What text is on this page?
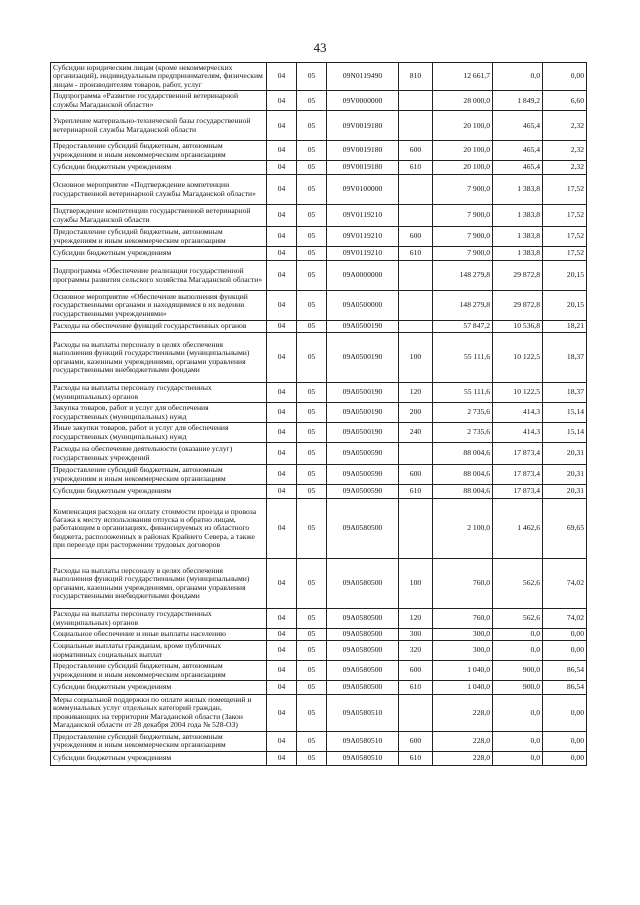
43
Субсидии юридическим лицам (кроме некоммерческих организаций), индивидуальным предпринимателям, физическим лицам - производителям товаров, работ, услуг	04	05	09N0119490	810	12 661,7	0,0	0,00
Подпрограмма «Развитие государственной ветеринарной службы Магаданской области»	04	05	09V0000000		28 000,0	1 849,2	6,60
Укрепление материально-технической базы государственной ветеринарной службы Магаданской области	04	05	09V0019180		20 100,0	465,4	2,32
Предоставление субсидий бюджетным, автономным учреждениям и иным некоммерческим организациям	04	05	09V0019180	600	20 100,0	465,4	2,32
Субсидии бюджетным учреждениям	04	05	09V0019180	610	20 100,0	465,4	2,32
Основное мероприятие «Подтверждение компетенции государственной ветеринарной службы Магаданской области»	04	05	09V0100000		7 900,0	1 383,8	17,52
Подтверждение компетенции государственной ветеринарной службы Магаданской области	04	05	09V0119210		7 900,0	1 383,8	17,52
Предоставление субсидий бюджетным, автономным учреждениям и иным некоммерческим организациям	04	05	09V0119210	600	7 900,0	1 383,8	17,52
Субсидии бюджетным учреждениям	04	05	09V0119210	610	7 900,0	1 383,8	17,52
Подпрограмма «Обеспечение реализации государственной программы развития сельского хозяйства Магаданской области»	04	05	09A0000000		148 279,8	29 872,8	20,15
Основное мероприятие «Обеспечение выполнения функций государственными органами и находящимися в их ведении государственными учреждениями»	04	05	09A0500000		148 279,8	29 872,8	20,15
Расходы на обеспечение функций государственных органов	04	05	09A0500190		57 847,2	10 536,8	18,21
Расходы на выплаты персоналу в целях обеспечения выполнения функций государственными (муниципальными) органами, казенными учреждениями, органами управления государственными внебюджетными фондами	04	05	09A0500190	100	55 111,6	10 122,5	18,37
Расходы на выплаты персоналу государственных (муниципальных) органов	04	05	09A0500190	120	55 111,6	10 122,5	18,37
Закупка товаров, работ и услуг для обеспечения государственных (муниципальных) нужд	04	05	09A0500190	200	2 735,6	414,3	15,14
Иные закупки товаров, работ и услуг для обеспечения государственных (муниципальных) нужд	04	05	09A0500190	240	2 735,6	414,3	15,14
Расходы на обеспечение деятельности (оказание услуг) государственных учреждений	04	05	09A0500590		88 004,6	17 873,4	20,31
Предоставление субсидий бюджетным, автономным учреждениям и иным некоммерческим организациям	04	05	09A0500590	600	88 004,6	17 873,4	20,31
Субсидии бюджетным учреждениям	04	05	09A0500590	610	88 004,6	17 873,4	20,31
Компенсация расходов на оплату стоимости проезда и провоза багажа к месту использования отпуска и обратно лицам, работающим в организациях, финансируемых из областного бюджета, расположенных в районах Крайнего Севера, а также при переезде при расторжении трудовых договоров	04	05	09A0580500		2 100,0	1 462,6	69,65
Расходы на выплаты персоналу в целях обеспечения выполнения функций государственными (муниципальными) органами, казенными учреждениями, органами управления государственными внебюджетными фондами	04	05	09A0580500	100	760,0	562,6	74,02
Расходы на выплаты персоналу государственных (муниципальных) органов	04	05	09A0580500	120	760,0	562,6	74,02
Социальное обеспечение и иные выплаты населению	04	05	09A0580500	300	300,0	0,0	0,00
Социальные выплаты гражданам, кроме публичных нормативных социальных выплат	04	05	09A0580500	320	300,0	0,0	0,00
Предоставление субсидий бюджетным, автономным учреждениям и иным некоммерческим организациям	04	05	09A0580500	600	1 040,0	900,0	86,54
Субсидии бюджетным учреждениям	04	05	09A0580500	610	1 040,0	900,0	86,54
Меры социальной поддержки по оплате жилых помещений и коммунальных услуг отдельных категорий граждан, проживающих на территории Магаданской области (Закон Магаданской области от 28 декабря 2004 года № 528-ОЗ)	04	05	09A0580510		228,0	0,0	0,00
Предоставление субсидий бюджетным, автономным учреждениям и иным некоммерческим организациям	04	05	09A0580510	600	228,0	0,0	0,00
Субсидии бюджетным учреждениям	04	05	09A0580510	610	228,0	0,0	0,00
